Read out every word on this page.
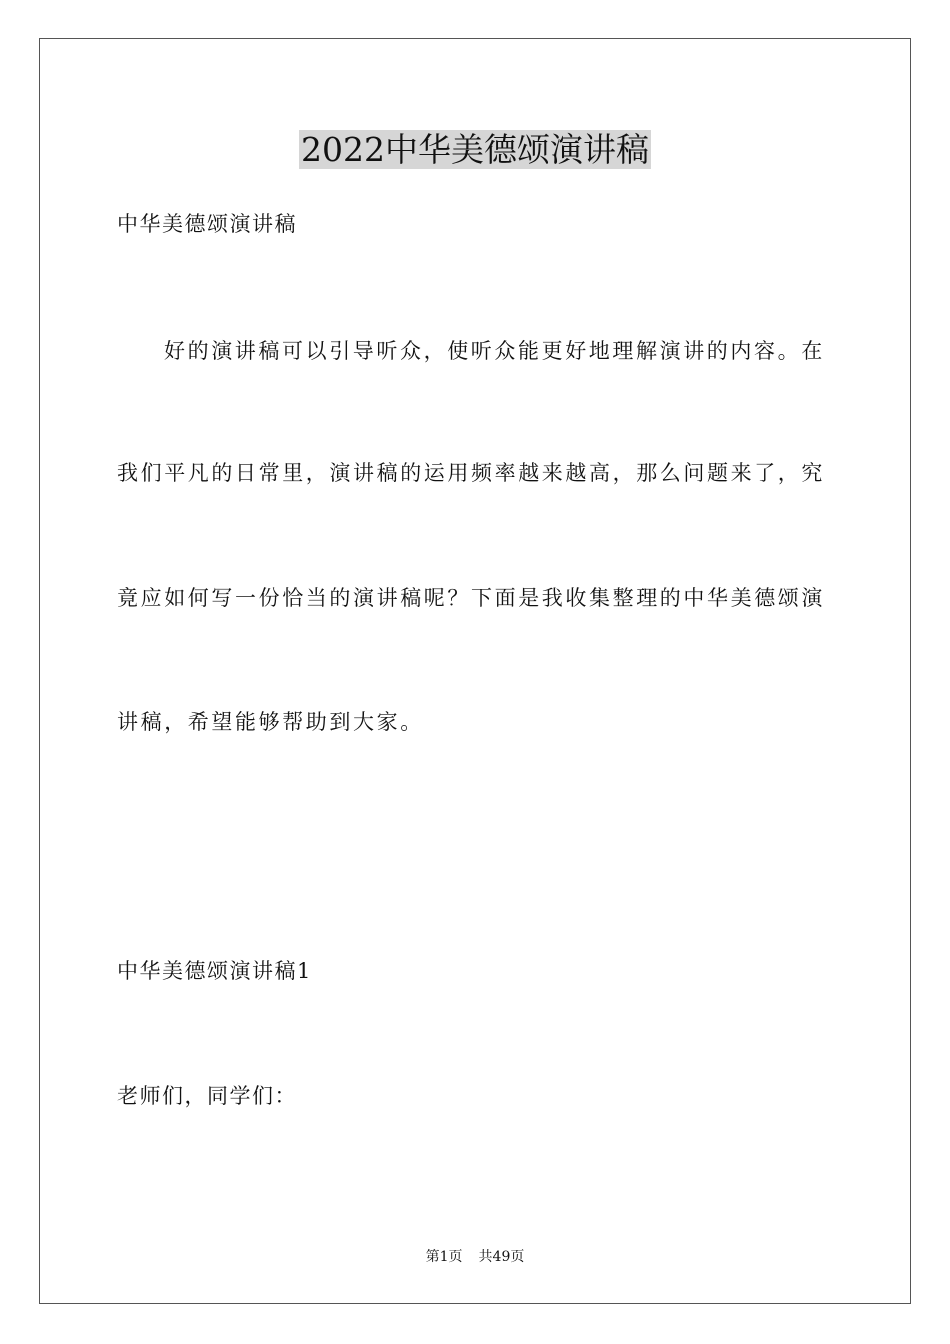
2022中华美德颂演讲稿
中华美德颂演讲稿
好的演讲稿可以引导听众，使听众能更好地理解演讲的内容。在
我们平凡的日常里，演讲稿的运用频率越来越高，那么问题来了，究
竟应如何写一份恰当的演讲稿呢？下面是我收集整理的中华美德颂演
讲稿，希望能够帮助到大家。
中华美德颂演讲稿1
老师们，同学们：
第1页 共49页
